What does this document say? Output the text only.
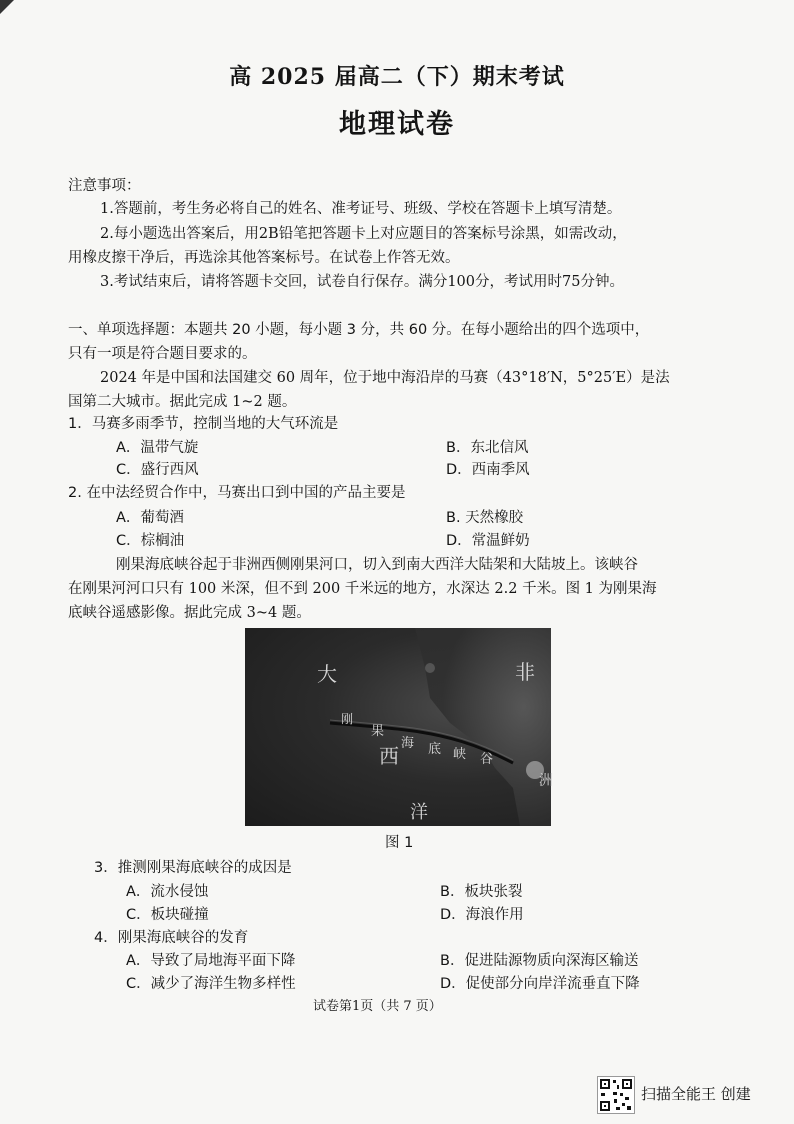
高 2025 届高二（下）期末考试
地理试卷
注意事项：
1.答题前，考生务必将自己的姓名、准考证号、班级、学校在答题卡上填写清楚。
2.每小题选出答案后，用2B铅笔把答题卡上对应题目的答案标号涂黑，如需改动，
用橡皮擦干净后，再选涂其他答案标号。在试卷上作答无效。
3.考试结束后，请将答题卡交回，试卷自行保存。满分100分，考试用时75分钟。
一、单项选择题：本题共 20 小题，每小题 3 分，共 60 分。在每小题给出的四个选项中，
只有一项是符合题目要求的。
2024 年是中国和法国建交 60 周年，位于地中海沿岸的马赛（43°18′N，5°25′E）是法
国第二大城市。据此完成 1~2 题。
1．马赛多雨季节，控制当地的大气环流是
A．温带气旋	B．东北信风
C．盛行西风	D．西南季风
2. 在中法经贸合作中，马赛出口到中国的产品主要是
A．葡萄酒	B. 天然橡胶
C．棕榈油	D．常温鲜奶
刚果海底峡谷起于非洲西侧刚果河口，切入到南大西洋大陆架和大陆坡上。该峡谷
在刚果河河口只有 100 米深，但不到 200 千米远的地方，水深达 2.2 千米。图 1 为刚果海
底峡谷遥感影像。据此完成 3~4 题。
大	非
刚
果
西
海 底 峡 谷
洲
洋
图 1
3．推测刚果海底峡谷的成因是
A．流水侵蚀	B．板块张裂
C．板块碰撞	D．海浪作用
4．刚果海底峡谷的发育
A．导致了局地海平面下降	B．促进陆源物质向深海区输送
C．减少了海洋生物多样性	D．促使部分向岸洋流垂直下降
试卷第1页（共 7 页）
扫描全能王 创建
